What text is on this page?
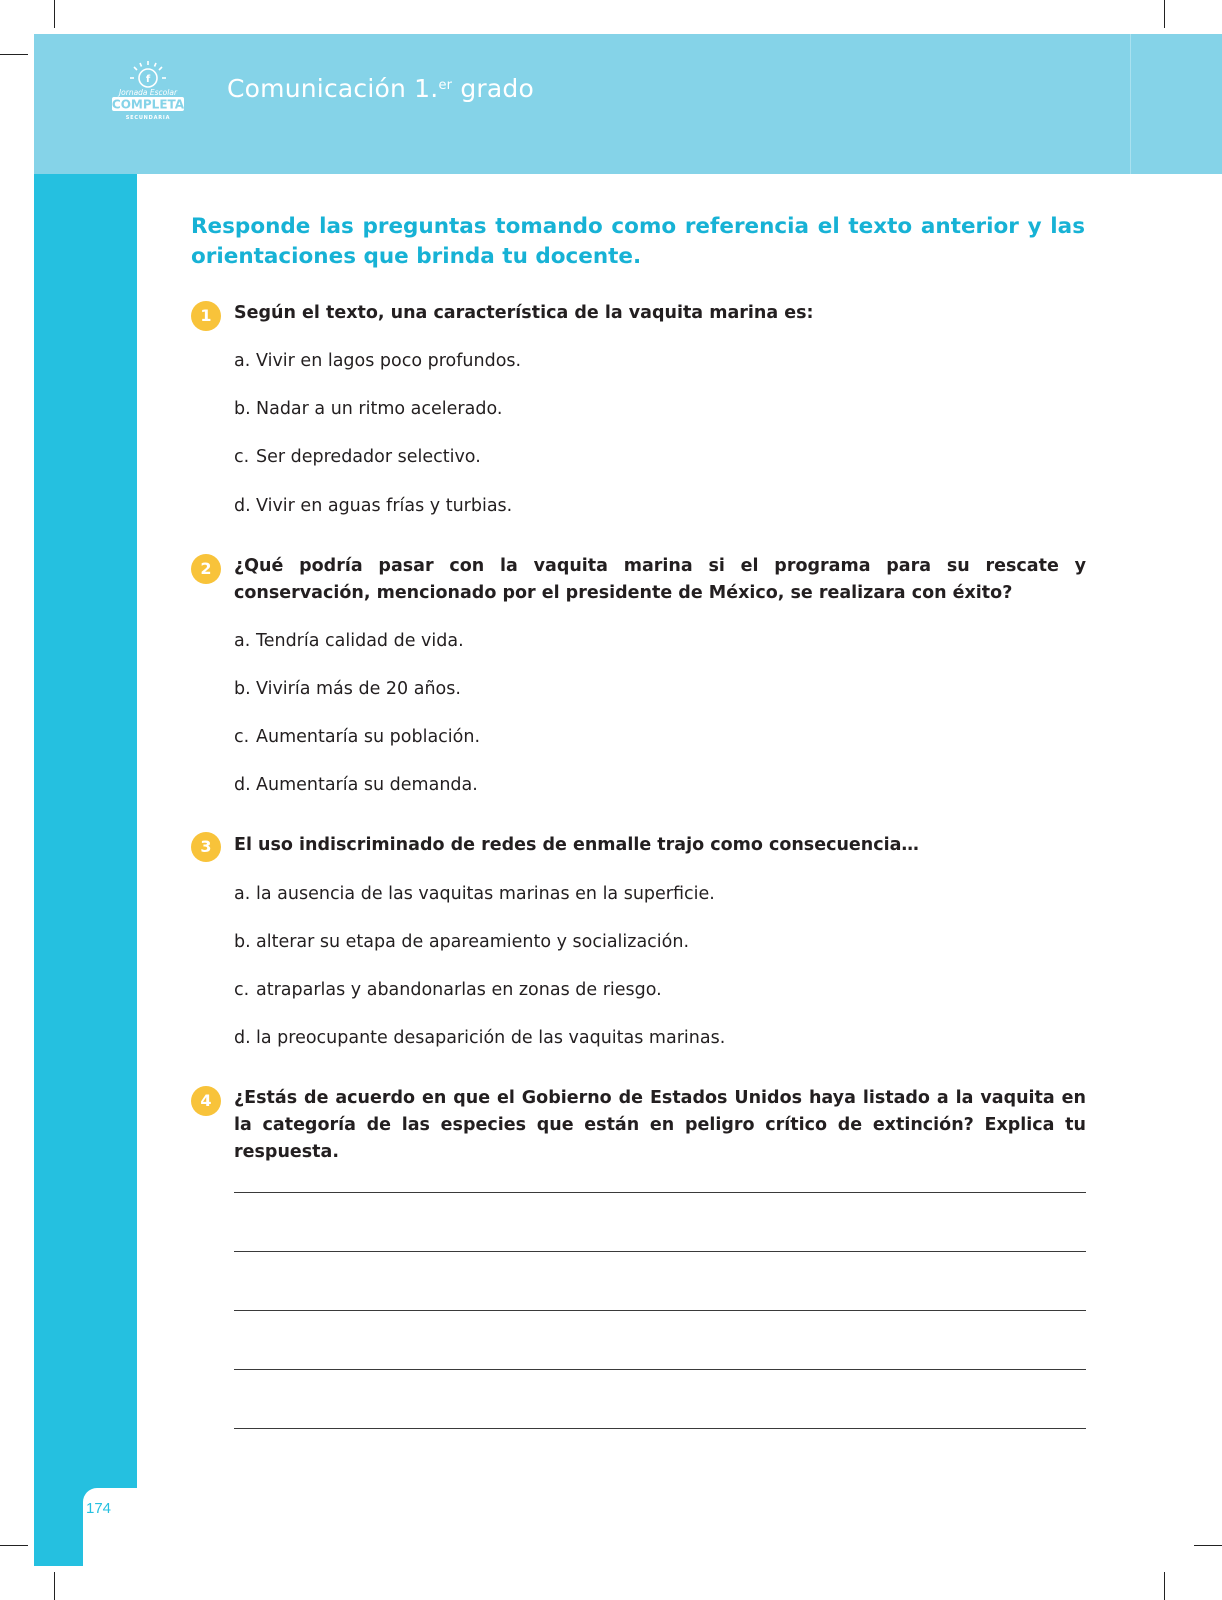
f
Jornada Escolar
COMPLETA
SECUNDARIA
Comunicación 1.$^{er}$ grado
174
Responde las preguntas tomando como referencia el texto anterior y las orientaciones que brinda tu docente.
1	Según el texto, una característica de la vaquita marina es:
a. Vivir en lagos poco profundos.
b. Nadar a un ritmo acelerado.
c. Ser depredador selectivo.
d. Vivir en aguas frías y turbias.
2	¿Qué podría pasar con la vaquita marina si el programa para su rescate y conservación, mencionado por el presidente de México, se realizara con éxito?
a. Tendría calidad de vida.
b. Viviría más de 20 años.
c. Aumentaría su población.
d. Aumentaría su demanda.
3	El uso indiscriminado de redes de enmalle trajo como consecuencia…
a. la ausencia de las vaquitas marinas en la superficie.
b. alterar su etapa de apareamiento y socialización.
c. atraparlas y abandonarlas en zonas de riesgo.
d. la preocupante desaparición de las vaquitas marinas.
4	¿Estás de acuerdo en que el Gobierno de Estados Unidos haya listado a la vaquita en la categoría de las especies que están en peligro crítico de extinción? Explica tu respuesta.
